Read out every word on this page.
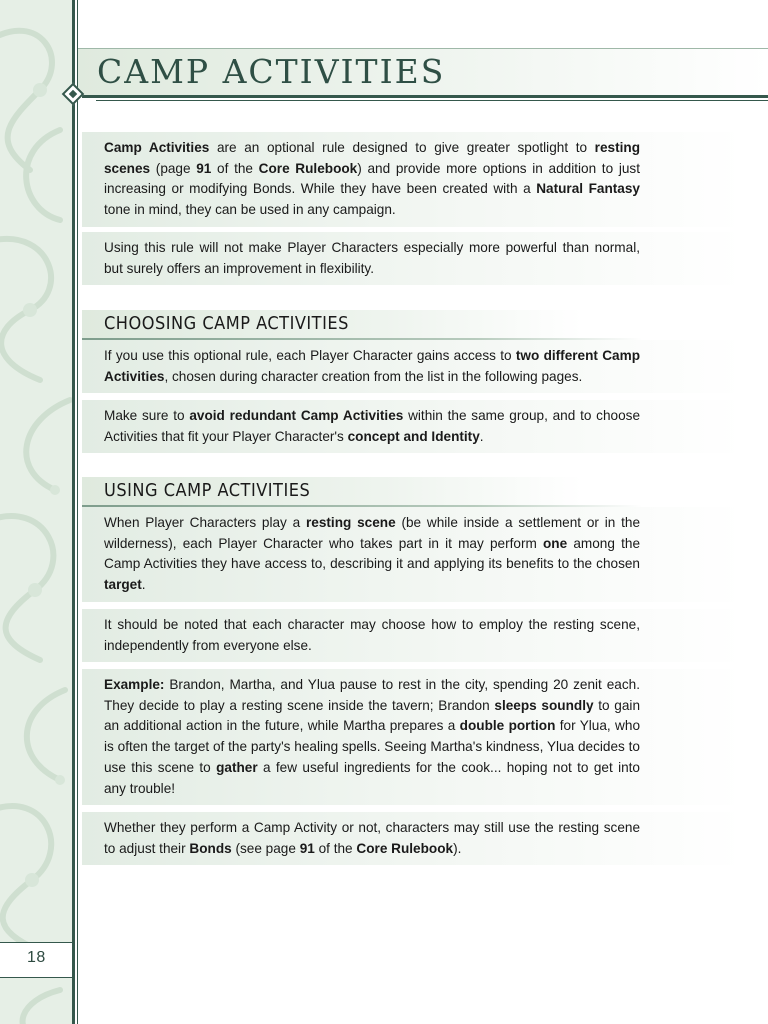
18
CAMP ACTIVITIES
Camp Activities are an optional rule designed to give greater spotlight to resting scenes (page 91 of the Core Rulebook) and provide more options in addition to just increasing or modifying Bonds. While they have been created with a Natural Fantasy tone in mind, they can be used in any campaign.
Using this rule will not make Player Characters especially more powerful than normal, but surely offers an improvement in flexibility.
CHOOSING CAMP ACTIVITIES
If you use this optional rule, each Player Character gains access to two different Camp Activities, chosen during character creation from the list in the following pages.
Make sure to avoid redundant Camp Activities within the same group, and to choose Activities that fit your Player Character's concept and Identity.
USING CAMP ACTIVITIES
When Player Characters play a resting scene (be while inside a settlement or in the wilderness), each Player Character who takes part in it may perform one among the Camp Activities they have access to, describing it and applying its benefits to the chosen target.
It should be noted that each character may choose how to employ the resting scene, independently from everyone else.
Example: Brandon, Martha, and Ylua pause to rest in the city, spending 20 zenit each. They decide to play a resting scene inside the tavern; Brandon sleeps soundly to gain an additional action in the future, while Martha prepares a double portion for Ylua, who is often the target of the party's healing spells. Seeing Martha's kindness, Ylua decides to use this scene to gather a few useful ingredients for the cook... hoping not to get into any trouble!
Whether they perform a Camp Activity or not, characters may still use the resting scene to adjust their Bonds (see page 91 of the Core Rulebook).
